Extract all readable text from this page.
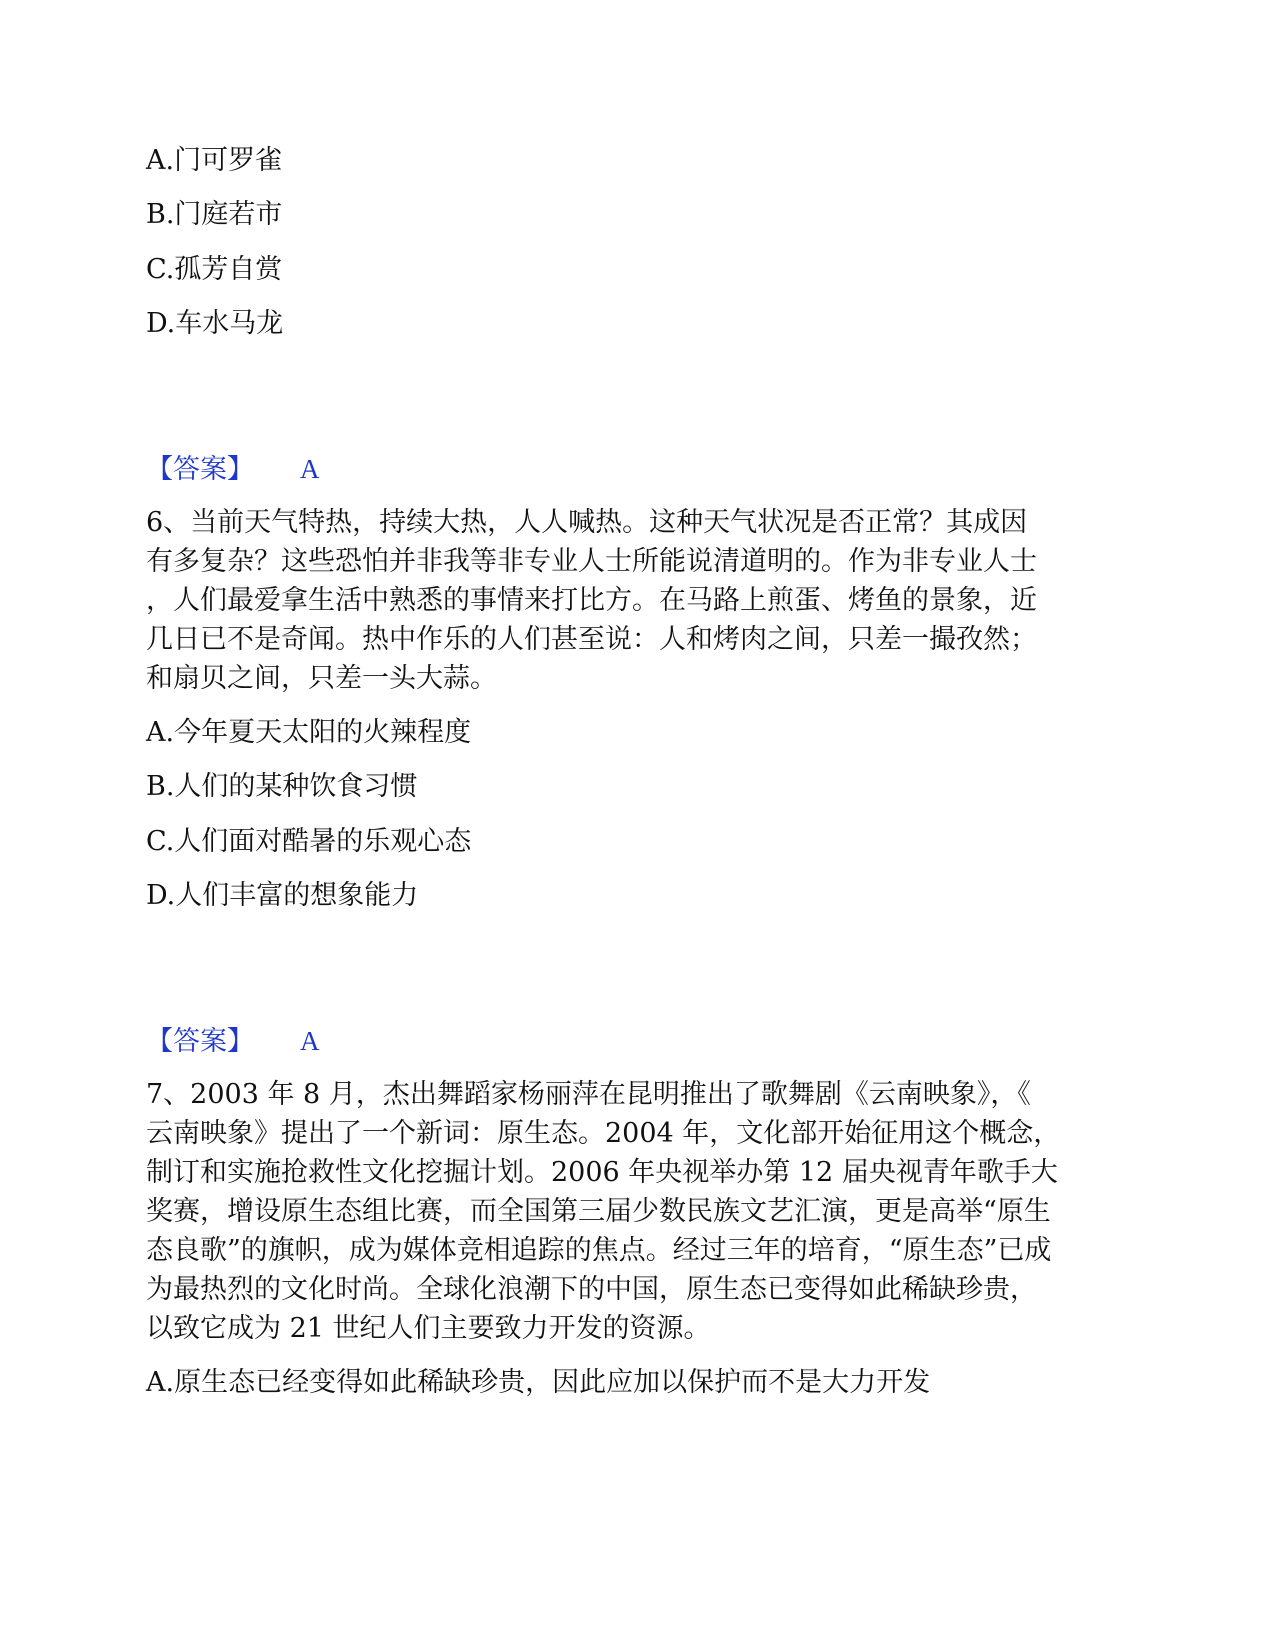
A.门可罗雀
B.门庭若市
C.孤芳自赏
D.车水马龙
【答案】 A
6、当前天气特热，持续大热，人人喊热。这种天气状况是否正常？其成因
有多复杂？这些恐怕并非我等非专业人士所能说清道明的。作为非专业人士
，人们最爱拿生活中熟悉的事情来打比方。在马路上煎蛋、烤鱼的景象，近
几日已不是奇闻。热中作乐的人们甚至说：人和烤肉之间，只差一撮孜然；
和扇贝之间，只差一头大蒜。
A.今年夏天太阳的火辣程度
B.人们的某种饮食习惯
C.人们面对酷暑的乐观心态
D.人们丰富的想象能力
【答案】 A
7、2003 年 8 月，杰出舞蹈家杨丽萍在昆明推出了歌舞剧《云南映象》，《
云南映象》提出了一个新词：原生态。2004 年，文化部开始征用这个概念，
制订和实施抢救性文化挖掘计划。2006 年央视举办第 12 届央视青年歌手大
奖赛，增设原生态组比赛，而全国第三届少数民族文艺汇演，更是高举“原生
态良歌”的旗帜，成为媒体竞相追踪的焦点。经过三年的培育，“原生态”已成
为最热烈的文化时尚。全球化浪潮下的中国，原生态已变得如此稀缺珍贵，
以致它成为 21 世纪人们主要致力开发的资源。
A.原生态已经变得如此稀缺珍贵，因此应加以保护而不是大力开发
